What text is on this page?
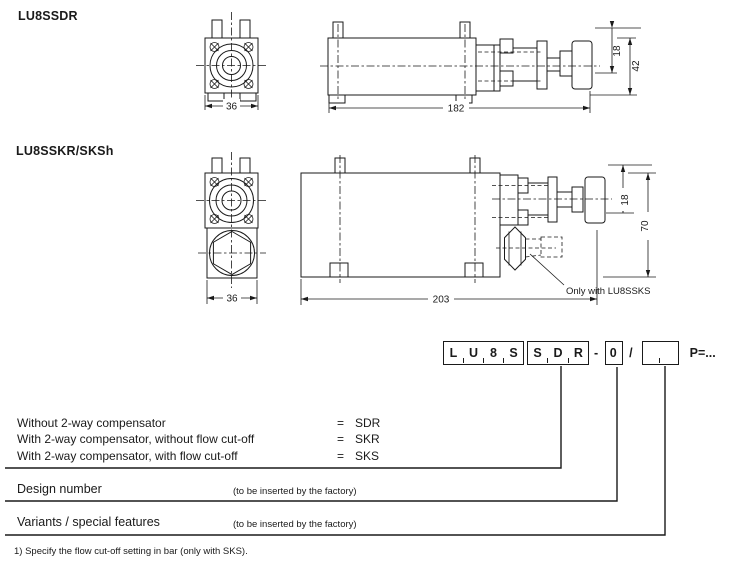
LU8SSDR
LU8SSKR/SKSh
36	182
18
42
36
Only with LU8SSKS
203
18
70
L U 8 S	S D R - 0 /	P=...
Without 2-way compensator	= SDR
With 2-way compensator, without flow cut-off	= SKR
With 2-way compensator, with flow cut-off	= SKS
Design number	(to be inserted by the factory)
Variants / special features	(to be inserted by the factory)
1) Specify the flow cut-off setting in bar (only with SKS).
